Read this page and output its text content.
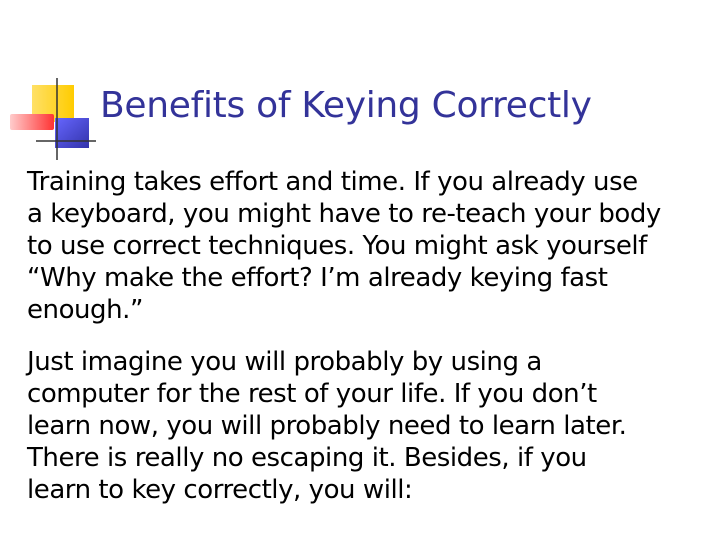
Benefits of Keying Correctly

Training takes effort and time. If you already use
a keyboard, you might have to re-teach your body
to use correct techniques. You might ask yourself
“Why make the effort? I’m already keying fast
enough.”

Just imagine you will probably by using a
computer for the rest of your life. If you don’t
learn now, you will probably need to learn later.
There is really no escaping it. Besides, if you
learn to key correctly, you will:
